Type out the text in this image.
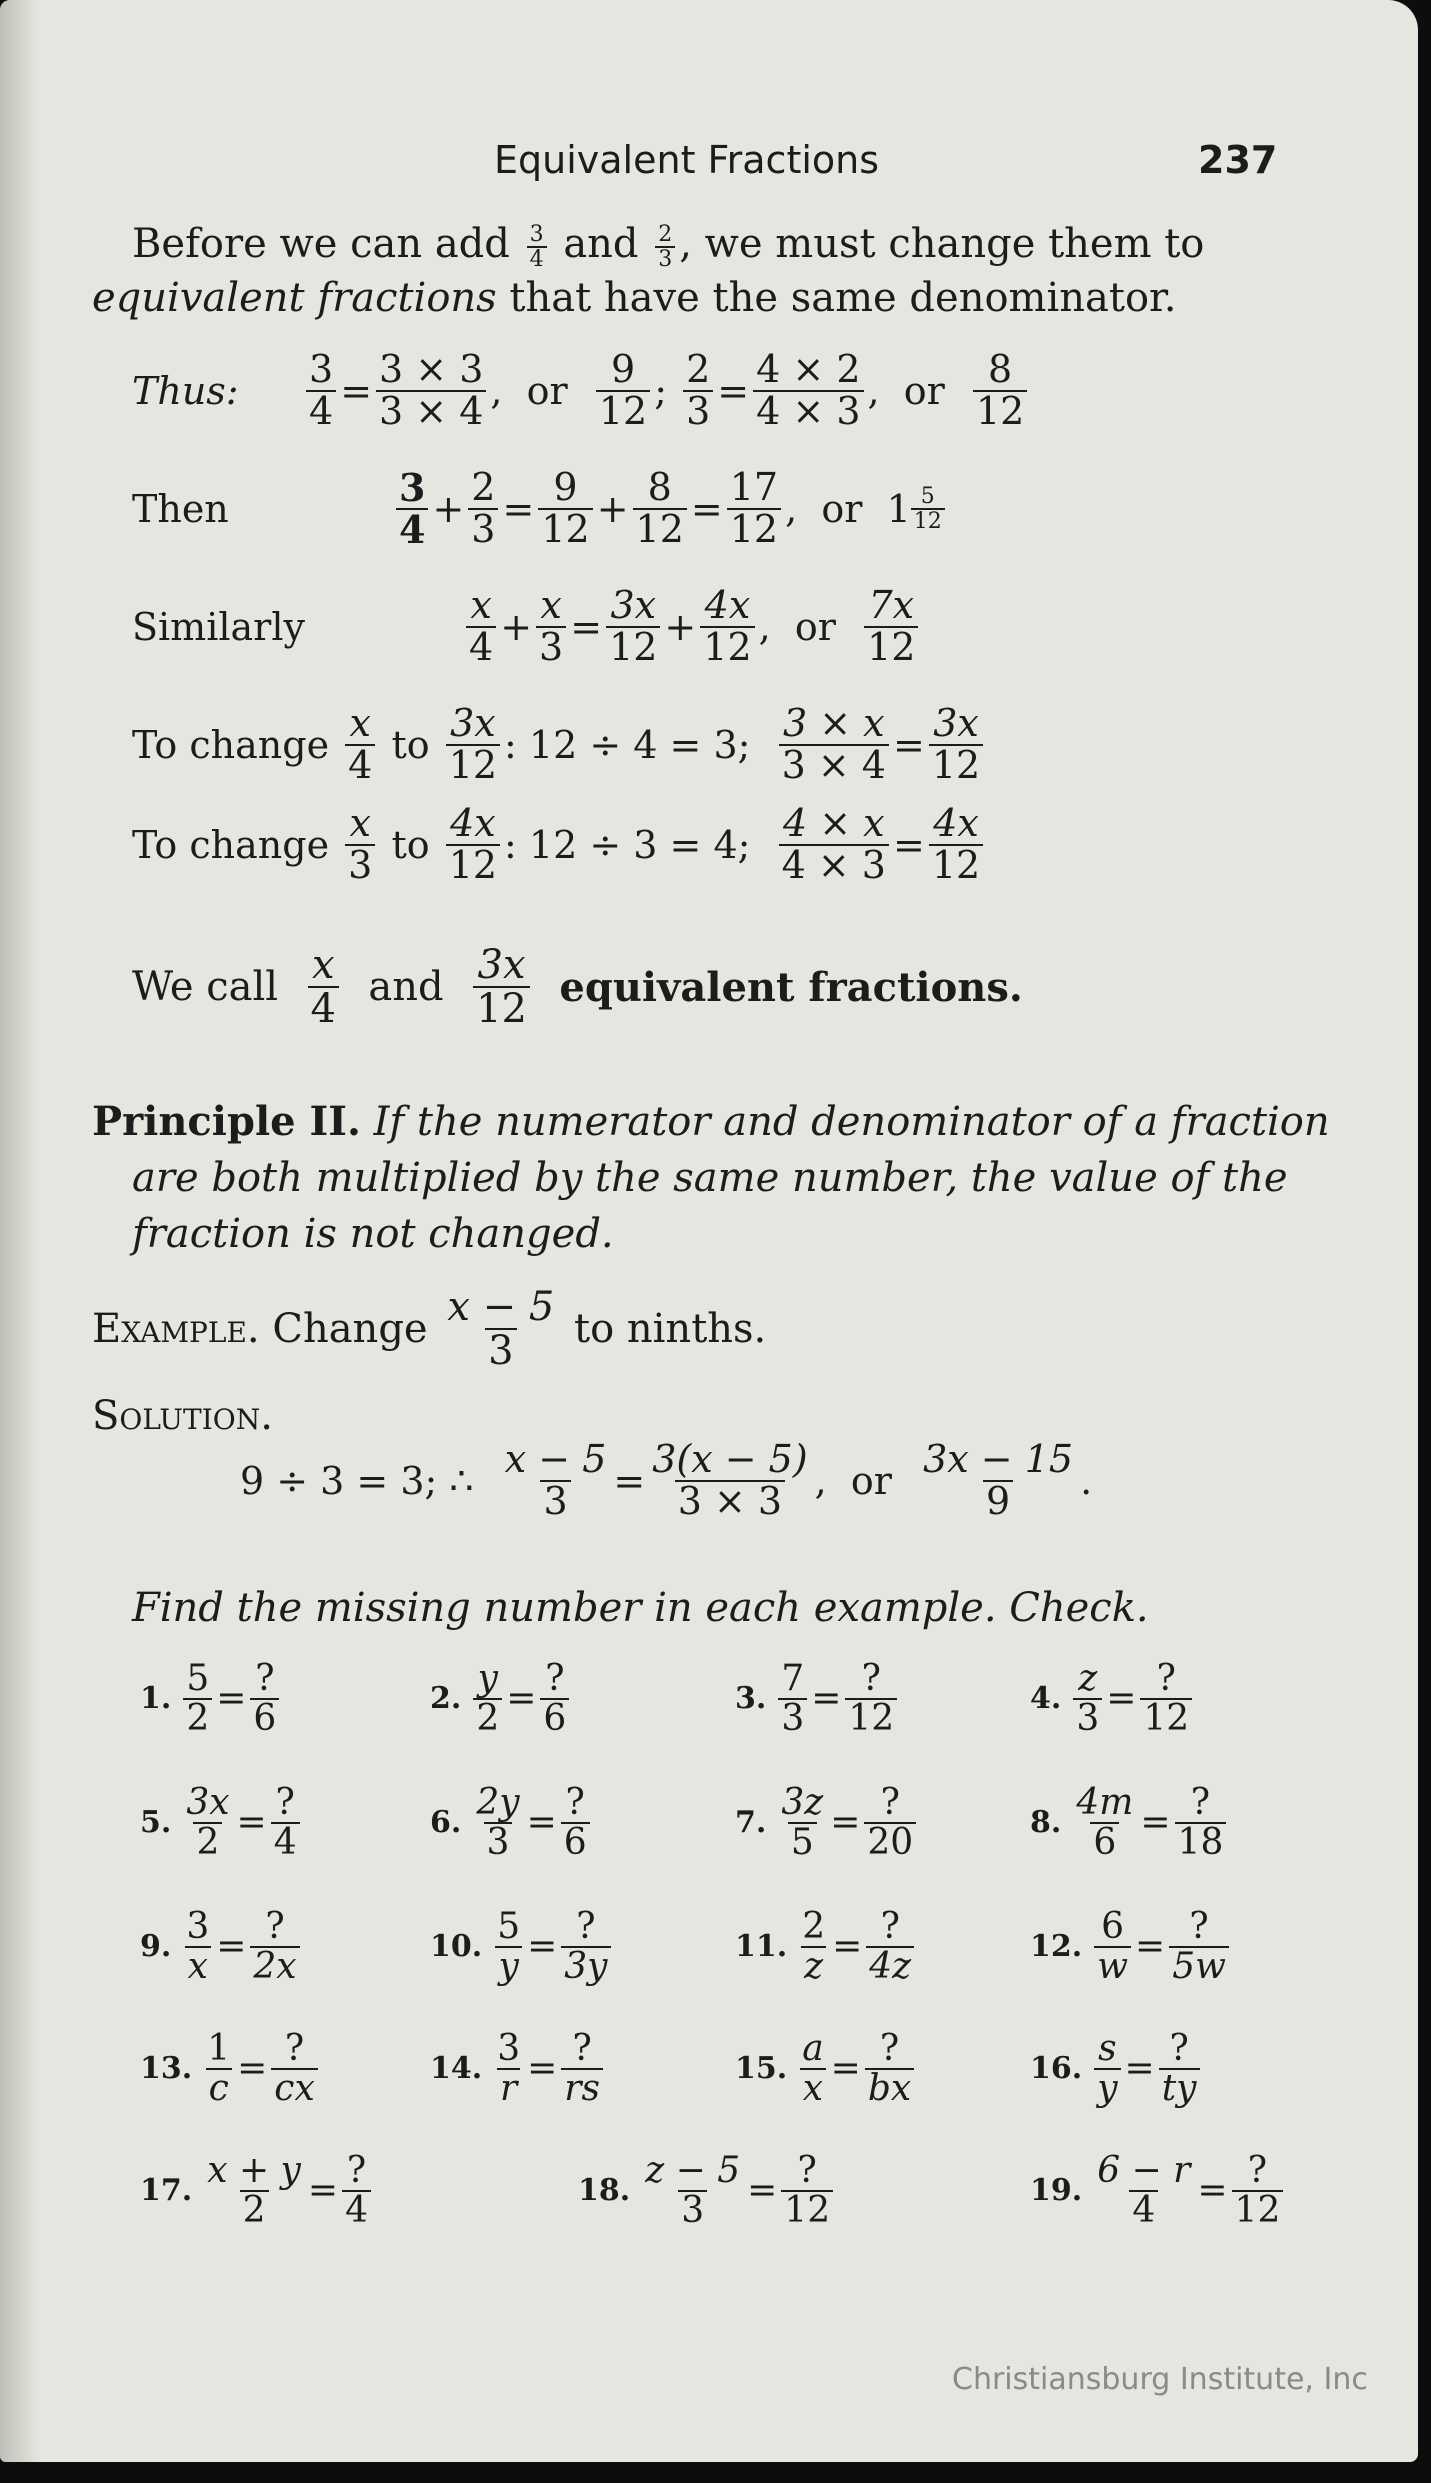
Equivalent Fractions	237
Before we can add $\frac{3}{4}$ and $\frac{2}{3}$ , we must change them to
equivalent fractions that have the same denominator.
Thus:	$\frac{3}{4} = \frac{3 \times 3}{3 \times 4}$ , or
$\frac{9}{12}$ ; $\frac{2}{3} = \frac{4 \times 2}{4 \times 3}$ , or
$\frac{8}{12}$
Then	$\frac{3}{4} + \frac{2}{3} = \frac{9}{12} + \frac{8}{12} = \frac{17}{12}$ , or
$1 \frac{5}{12}$
Similarly	$\frac{x}{4} + \frac{x}{3} = \frac{3x}{12} + \frac{4x}{12}$ , or
$\frac{7x}{12}$
To change
$\frac{x}{4}$
to
$\frac{3x}{12}$ : 12 ÷ 4 = 3;
$\frac{3 \times x}{3 \times 4} = \frac{3x}{12}$
To change
$\frac{x}{3}$
to
$\frac{4x}{12}$ : 12 ÷ 3 = 4;
$\frac{4 \times x}{4 \times 3} = \frac{4x}{12}$
We call
$\frac{x}{4}$
and
$\frac{3x}{12}$
equivalent fractions.
Principle II. If the numerator and denominator of a fraction
are both multiplied by the same number, the value of the
fraction is not changed.
Example.
Change
$\frac{x - 5}{3}$
to ninths.
Solution.
9 ÷ 3 = 3; ∴
$\frac{x - 5}{3} = \frac{3(x - 5)}{3 \times 3}$ , or
$\frac{3x - 15}{9}$ .
Find the missing number in each example. Check.
1. $\frac{5}{2} = \frac{?}{6}$	2. $\frac{y}{2} = \frac{?}{6}$	3. $\frac{7}{3} = \frac{?}{12}$	4. $\frac{z}{3} = \frac{?}{12}$
5. $\frac{3x}{2} = \frac{?}{4}$	6. $\frac{2y}{3} = \frac{?}{6}$	7. $\frac{3z}{5} = \frac{?}{20}$	8. $\frac{4m}{6} = \frac{?}{18}$
9. $\frac{3}{x} = \frac{?}{2x}$	10. $\frac{5}{y} = \frac{?}{3y}$	11. $\frac{2}{z} = \frac{?}{4z}$	12. $\frac{6}{w} = \frac{?}{5w}$
13. $\frac{1}{c} = \frac{?}{cx}$	14. $\frac{3}{r} = \frac{?}{rs}$	15. $\frac{a}{x} = \frac{?}{bx}$	16. $\frac{s}{y} = \frac{?}{ty}$
17. $\frac{x + y}{2} = \frac{?}{4}$	18. $\frac{z - 5}{3} = \frac{?}{12}$	19. $\frac{6 - r}{4} = \frac{?}{12}$
Christiansburg Institute, Inc
